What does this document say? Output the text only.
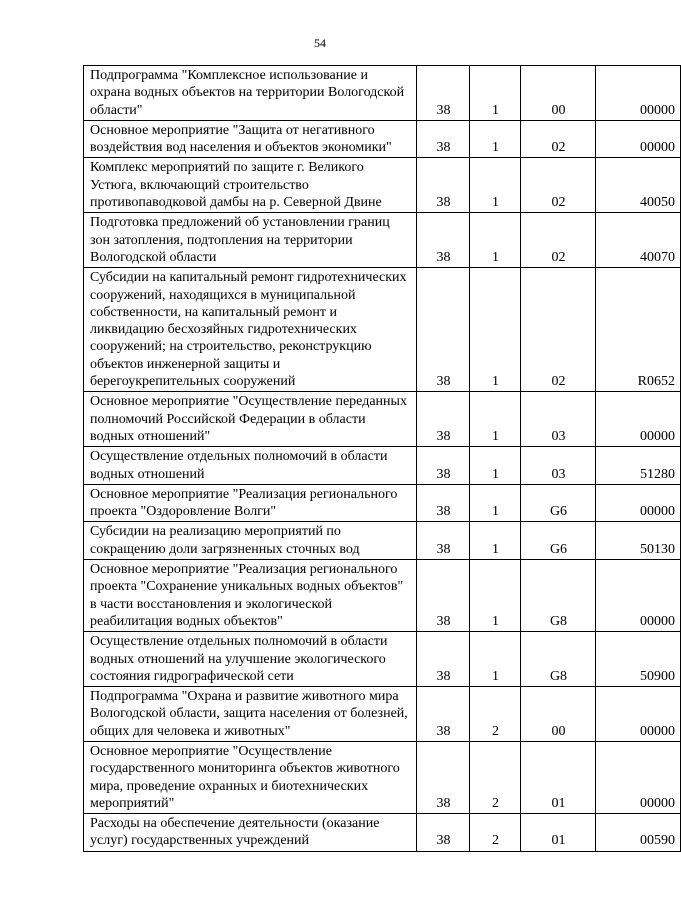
54
Подпрограмма "Комплексное использование и охрана водных объектов на территории Вологодской области"	38	1	00	00000
Основное мероприятие "Защита от негативного воздействия вод населения и объектов экономики"	38	1	02	00000
Комплекс мероприятий по защите г. Великого Устюга, включающий строительство противопаводковой дамбы на р. Северной Двине	38	1	02	40050
Подготовка предложений об установлении границ зон затопления, подтопления на территории Вологодской области	38	1	02	40070
Субсидии на капитальный ремонт гидротехнических сооружений, находящихся в муниципальной собственности, на капитальный ремонт и ликвидацию бесхозяйных гидротехнических сооружений; на строительство, реконструкцию объектов инженерной защиты и берегоукрепительных сооружений	38	1	02	R0652
Основное мероприятие "Осуществление переданных полномочий Российской Федерации в области водных отношений"	38	1	03	00000
Осуществление отдельных полномочий в области водных отношений	38	1	03	51280
Основное мероприятие "Реализация регионального проекта "Оздоровление Волги"	38	1	G6	00000
Субсидии на реализацию мероприятий по сокращению доли загрязненных сточных вод	38	1	G6	50130
Основное мероприятие "Реализация регионального проекта "Сохранение уникальных водных объектов" в части восстановления и экологической реабилитация водных объектов"	38	1	G8	00000
Осуществление отдельных полномочий в области водных отношений на улучшение экологического состояния гидрографической сети	38	1	G8	50900
Подпрограмма "Охрана и развитие животного мира Вологодской области, защита населения от болезней, общих для человека и животных"	38	2	00	00000
Основное мероприятие "Осуществление государственного мониторинга объектов животного мира, проведение охранных и биотехнических мероприятий"	38	2	01	00000
Расходы на обеспечение деятельности (оказание услуг) государственных учреждений	38	2	01	00590
